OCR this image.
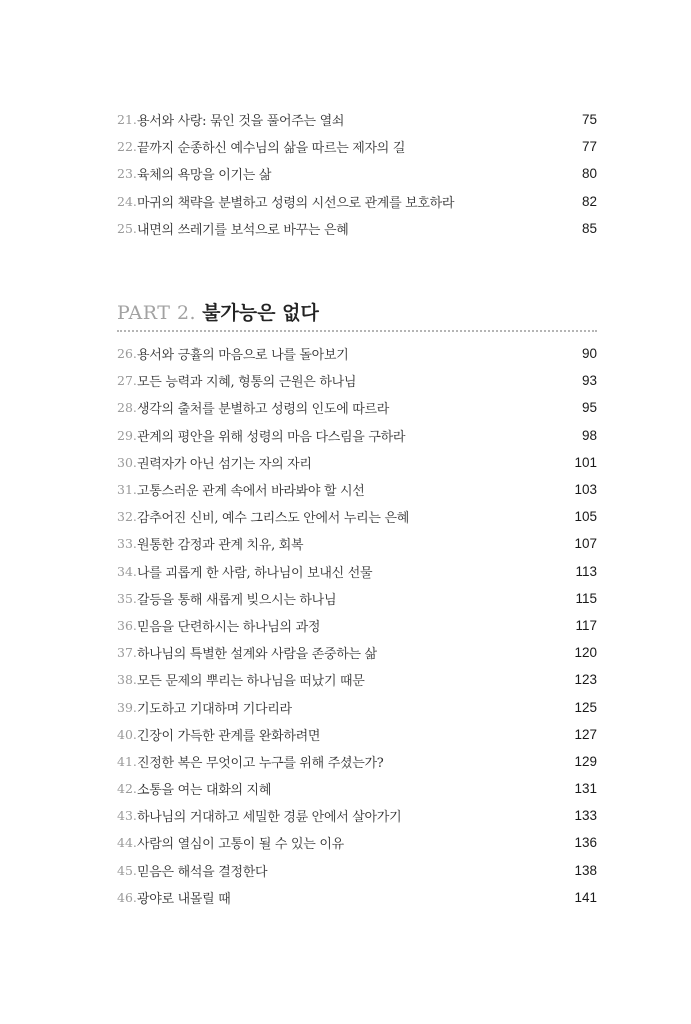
21. 용서와 사랑: 묶인 것을 풀어주는 열쇠	75
22. 끝까지 순종하신 예수님의 삶을 따르는 제자의 길	77
23. 육체의 욕망을 이기는 삶	80
24. 마귀의 책략을 분별하고 성령의 시선으로 관계를 보호하라	82
25. 내면의 쓰레기를 보석으로 바꾸는 은혜	85
PART 2. 불가능은 없다
26. 용서와 긍휼의 마음으로 나를 돌아보기	90
27. 모든 능력과 지혜, 형통의 근원은 하나님	93
28. 생각의 출처를 분별하고 성령의 인도에 따르라	95
29. 관계의 평안을 위해 성령의 마음 다스림을 구하라	98
30. 권력자가 아닌 섬기는 자의 자리	101
31. 고통스러운 관계 속에서 바라봐야 할 시선	103
32. 감추어진 신비, 예수 그리스도 안에서 누리는 은혜	105
33. 원통한 감정과 관계 치유, 회복	107
34. 나를 괴롭게 한 사람, 하나님이 보내신 선물	113
35. 갈등을 통해 새롭게 빚으시는 하나님	115
36. 믿음을 단련하시는 하나님의 과정	117
37. 하나님의 특별한 설계와 사람을 존중하는 삶	120
38. 모든 문제의 뿌리는 하나님을 떠났기 때문	123
39. 기도하고 기대하며 기다리라	125
40. 긴장이 가득한 관계를 완화하려면	127
41. 진정한 복은 무엇이고 누구를 위해 주셨는가?	129
42. 소통을 여는 대화의 지혜	131
43. 하나님의 거대하고 세밀한 경륜 안에서 살아가기	133
44. 사람의 열심이 고통이 될 수 있는 이유	136
45. 믿음은 해석을 결정한다	138
46. 광야로 내몰릴 때	141
